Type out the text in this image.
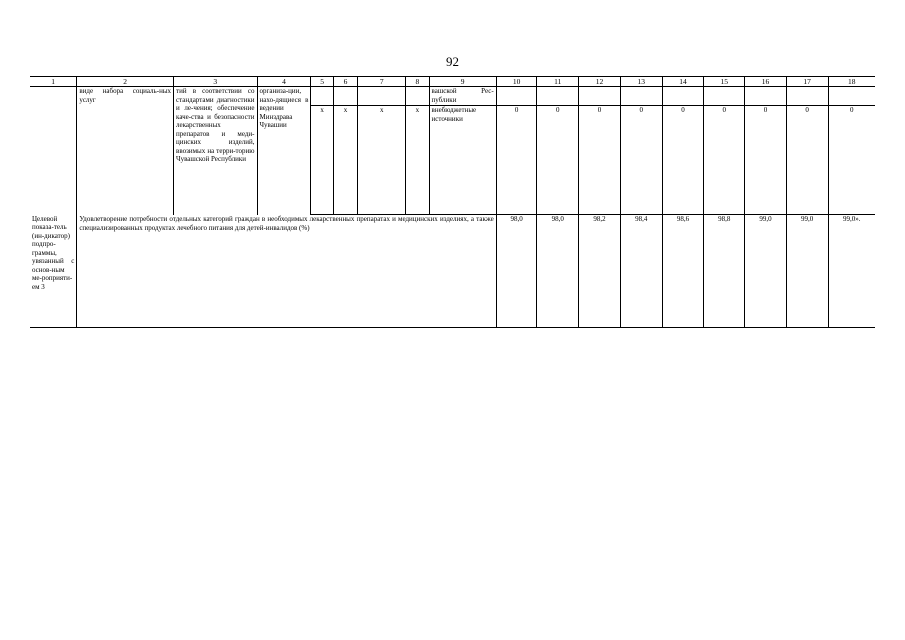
92
1	2	3	4	5	6	7	8	9	10	11	12	13	14	15	16	17	18
	виде набора социаль-ных услуг	тий в соответствии со стандартами диагностики и ле-чения; обеспечение каче-ства и безопасности лекарственных препаратов и меди-цинских изделий, ввозимых на терри-торию Чувашской Республики	организа-ции, нахо-дящиеся в ведении Минздрава Чувашии					вашской Рес-публики									
				х	х	х	х	внебюджетные источники	0	0	0	0	0	0	0	0	0
Целевой показа-тель (ин-дикатор) подпро-граммы, увязанный с основ-ным ме-роприяти-ем 3	Удовлетворение потребности отдельных категорий граждан в необходимых лекарственных препаратах и медицинских изделиях, а также специализированных продуктах лечебного питания для детей-инвалидов (%)								98,0	98,0	98,2	98,4	98,6	98,8	99,0	99,0	99,0».
